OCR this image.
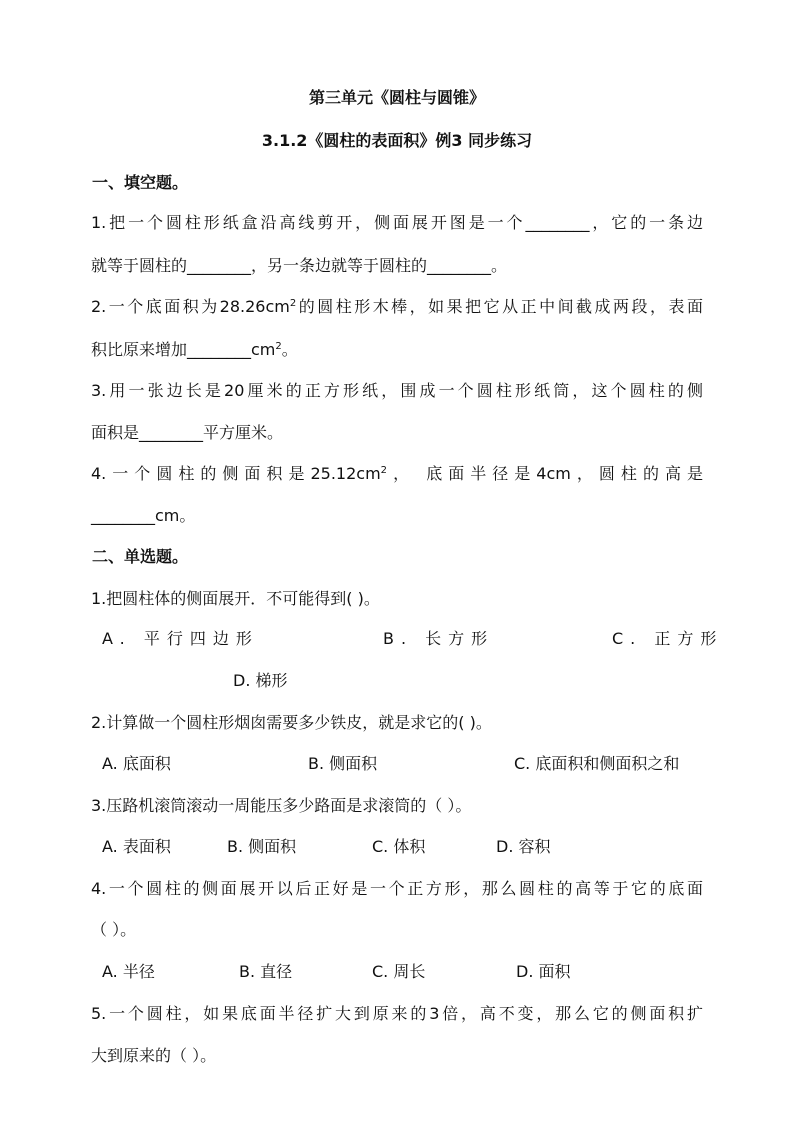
第三单元《圆柱与圆锥》

3.1.2《圆柱的表面积》例3 同步练习

一、填空题。

1.把一个圆柱形纸盒沿高线剪开，侧面展开图是一个________，它的一条边

就等于圆柱的________，另一条边就等于圆柱的________。

2.一个底面积为$28.26cm^2$的圆柱形木棒，如果把它从正中间截成两段，表面

积比原来增加$\_\_\_\_\_\_\_\_cm^2$。

3.用一张边长是20厘米的正方形纸，围成一个圆柱形纸筒，这个圆柱的侧

面积是________平方厘米。

4.一个圆柱的侧面积是$25.12cm^2$， 底面半径是4cm，圆柱的高是

________cm。

二、单选题。

1.把圆柱体的侧面展开．不可能得到( )。

A. 平行四边形	B. 长方形	C. 正方形

D. 梯形

2.计算做一个圆柱形烟囱需要多少铁皮，就是求它的( )。

A. 底面积	B. 侧面积	C. 底面积和侧面积之和

3.压路机滚筒滚动一周能压多少路面是求滚筒的（ ）。

A. 表面积	B. 侧面积	C. 体积	D. 容积

4.一个圆柱的侧面展开以后正好是一个正方形，那么圆柱的高等于它的底面

（ ）。

A. 半径	B. 直径	C. 周长	D. 面积

5.一个圆柱，如果底面半径扩大到原来的3倍，高不变，那么它的侧面积扩

大到原来的（ ）。
